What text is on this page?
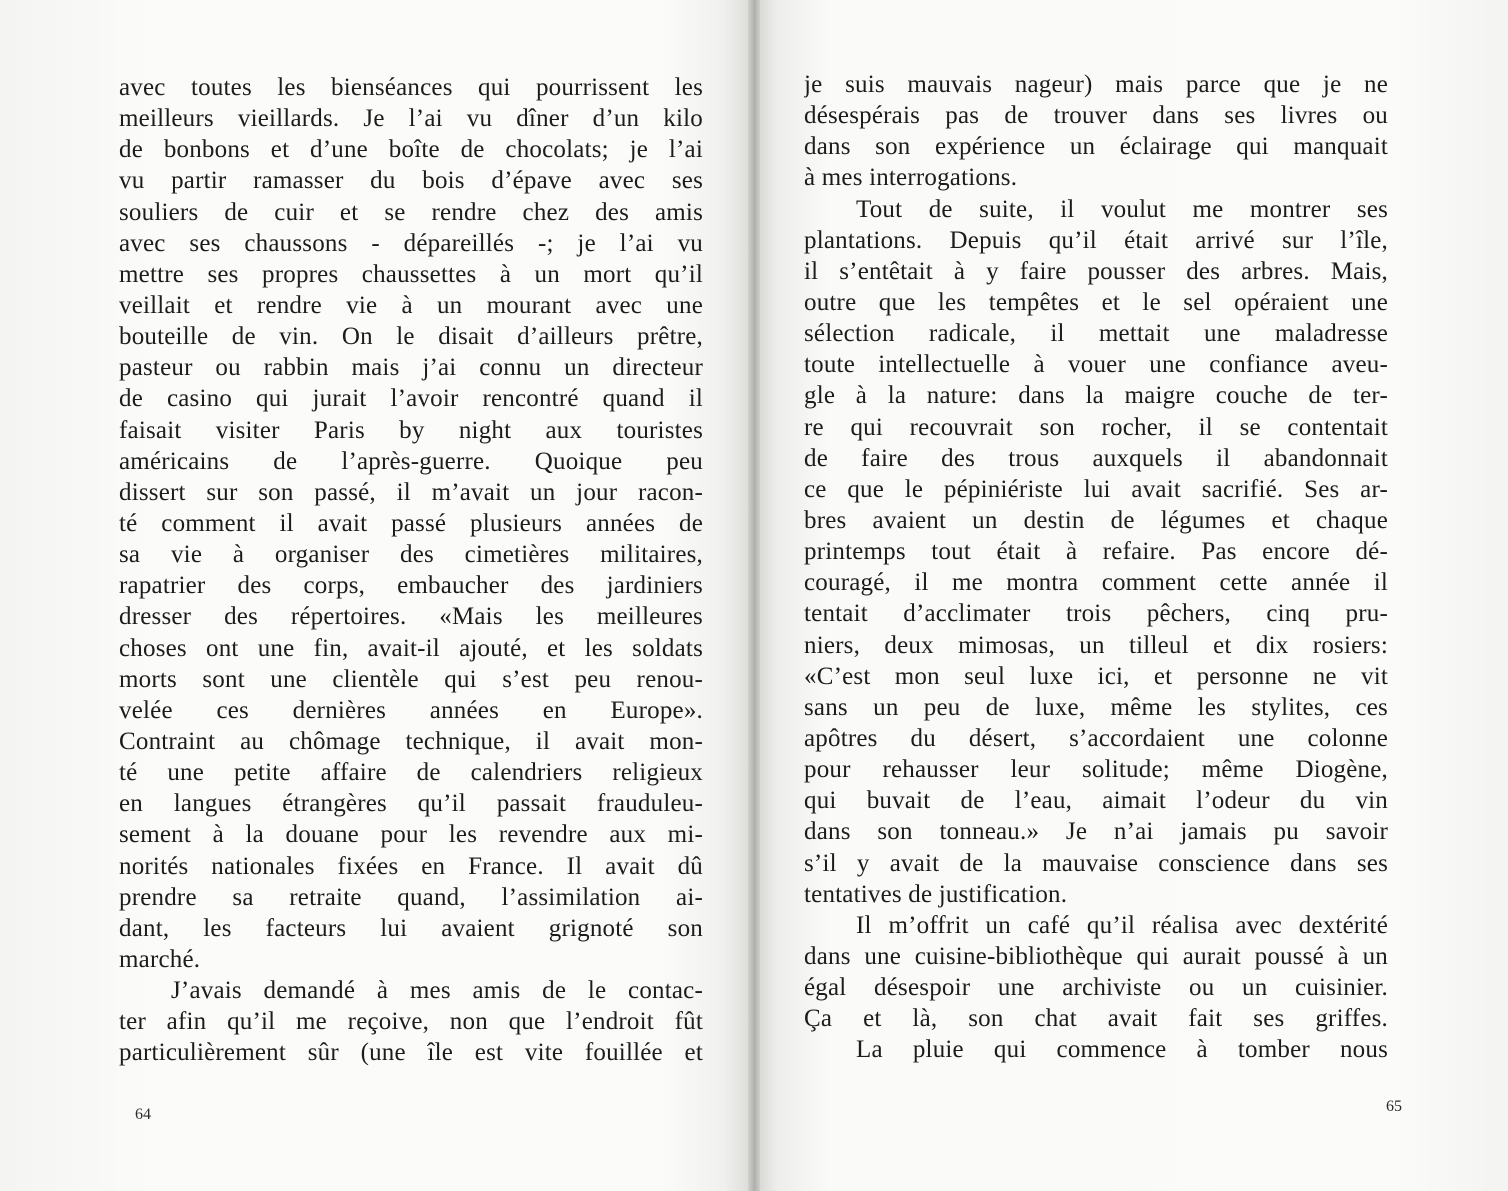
avec toutes les bienséances qui pourrissent les
meilleurs vieillards. Je l’ai vu dîner d’un kilo
de bonbons et d’une boîte de chocolats; je l’ai
vu partir ramasser du bois d’épave avec ses
souliers de cuir et se rendre chez des amis
avec ses chaussons - dépareillés -; je l’ai vu
mettre ses propres chaussettes à un mort qu’il
veillait et rendre vie à un mourant avec une
bouteille de vin. On le disait d’ailleurs prêtre,
pasteur ou rabbin mais j’ai connu un directeur
de casino qui jurait l’avoir rencontré quand il
faisait visiter Paris by night aux touristes
américains de l’après-guerre. Quoique peu
dissert sur son passé, il m’avait un jour racon-
té comment il avait passé plusieurs années de
sa vie à organiser des cimetières militaires,
rapatrier des corps, embaucher des jardiniers
dresser des répertoires. «Mais les meilleures
choses ont une fin, avait-il ajouté, et les soldats
morts sont une clientèle qui s’est peu renou-
velée ces dernières années en Europe».
Contraint au chômage technique, il avait mon-
té une petite affaire de calendriers religieux
en langues étrangères qu’il passait frauduleu-
sement à la douane pour les revendre aux mi-
norités nationales fixées en France. Il avait dû
prendre sa retraite quand, l’assimilation ai-
dant, les facteurs lui avaient grignoté son
marché.
J’avais demandé à mes amis de le contac-
ter afin qu’il me reçoive, non que l’endroit fût
particulièrement sûr (une île est vite fouillée et
64
je suis mauvais nageur) mais parce que je ne
désespérais pas de trouver dans ses livres ou
dans son expérience un éclairage qui manquait
à mes interrogations.
Tout de suite, il voulut me montrer ses
plantations. Depuis qu’il était arrivé sur l’île,
il s’entêtait à y faire pousser des arbres. Mais,
outre que les tempêtes et le sel opéraient une
sélection radicale, il mettait une maladresse
toute intellectuelle à vouer une confiance aveu-
gle à la nature: dans la maigre couche de ter-
re qui recouvrait son rocher, il se contentait
de faire des trous auxquels il abandonnait
ce que le pépiniériste lui avait sacrifié. Ses ar-
bres avaient un destin de légumes et chaque
printemps tout était à refaire. Pas encore dé-
couragé, il me montra comment cette année il
tentait d’acclimater trois pêchers, cinq pru-
niers, deux mimosas, un tilleul et dix rosiers:
«C’est mon seul luxe ici, et personne ne vit
sans un peu de luxe, même les stylites, ces
apôtres du désert, s’accordaient une colonne
pour rehausser leur solitude; même Diogène,
qui buvait de l’eau, aimait l’odeur du vin
dans son tonneau.» Je n’ai jamais pu savoir
s’il y avait de la mauvaise conscience dans ses
tentatives de justification.
Il m’offrit un café qu’il réalisa avec dextérité
dans une cuisine-bibliothèque qui aurait poussé à un
égal désespoir une archiviste ou un cuisinier.
Ça et là, son chat avait fait ses griffes.
La pluie qui commence à tomber nous
65
